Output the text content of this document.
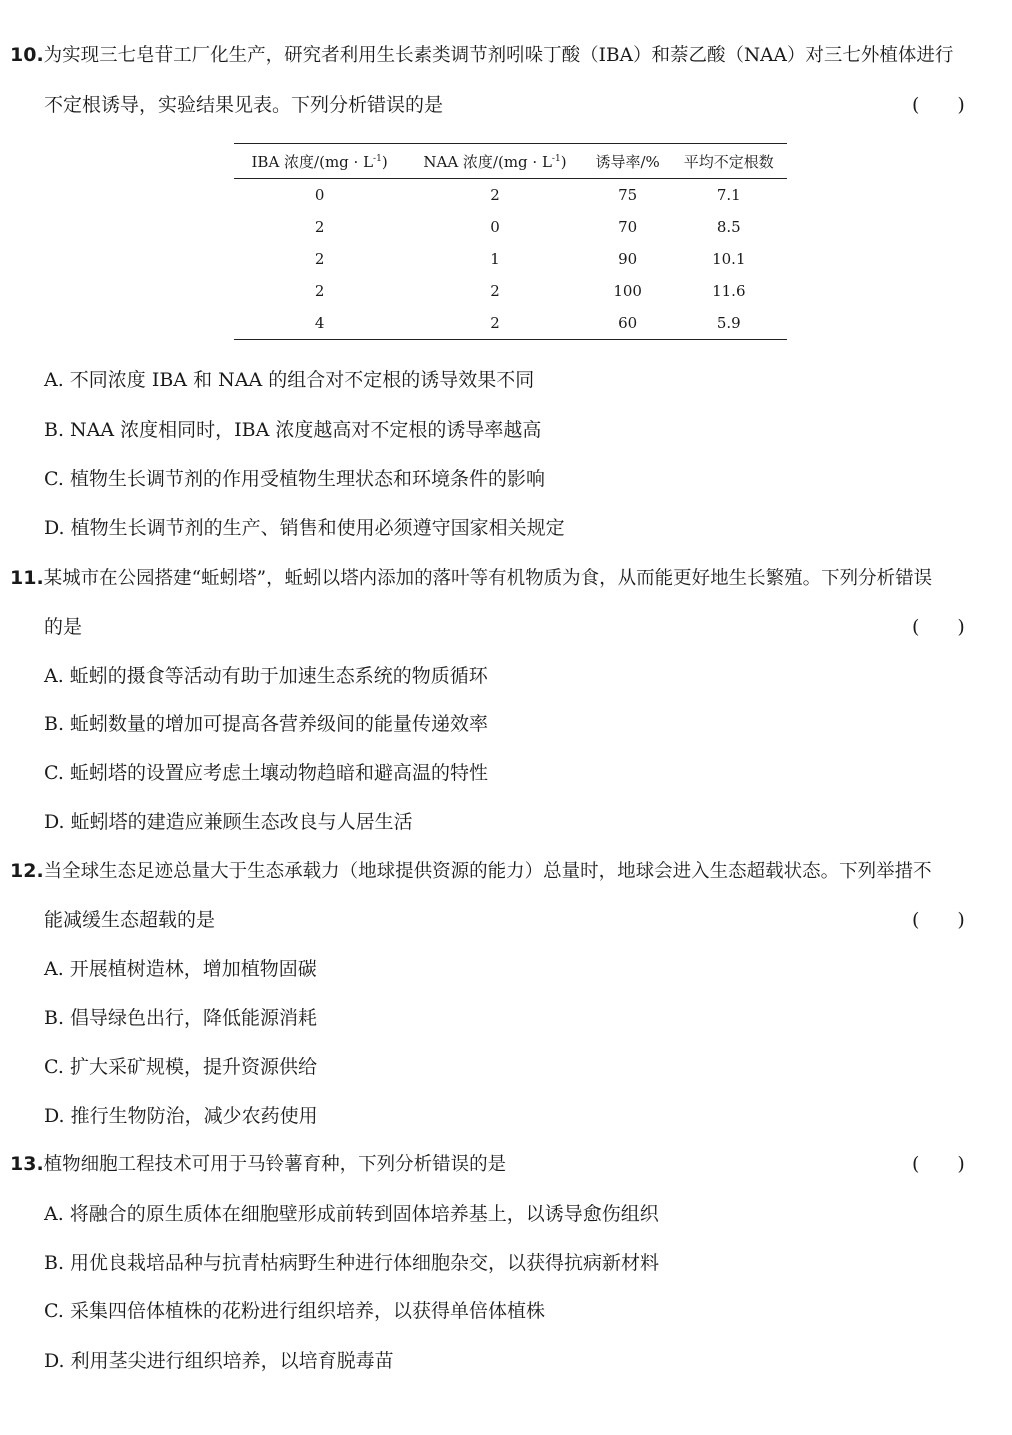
10.为实现三七皂苷工厂化生产，研究者利用生长素类调节剂吲哚丁酸（IBA）和萘乙酸（NAA）对三七外植体进行
不定根诱导，实验结果见表。下列分析错误的是	(　　)
IBA 浓度$/(mg \cdot L^{-1})$	NAA 浓度$/(mg \cdot L^{-1})$	诱导率/%	平均不定根数
0	2	75	7.1
2	0	70	8.5
2	1	90	10.1
2	2	100	11.6
4	2	60	5.9
A. 不同浓度 IBA 和 NAA 的组合对不定根的诱导效果不同
B. NAA 浓度相同时，IBA 浓度越高对不定根的诱导率越高
C. 植物生长调节剂的作用受植物生理状态和环境条件的影响
D. 植物生长调节剂的生产、销售和使用必须遵守国家相关规定
11.某城市在公园搭建“蚯蚓塔”，蚯蚓以塔内添加的落叶等有机物质为食，从而能更好地生长繁殖。下列分析错误
的是	(　　)
A. 蚯蚓的摄食等活动有助于加速生态系统的物质循环
B. 蚯蚓数量的增加可提高各营养级间的能量传递效率
C. 蚯蚓塔的设置应考虑土壤动物趋暗和避高温的特性
D. 蚯蚓塔的建造应兼顾生态改良与人居生活
12.当全球生态足迹总量大于生态承载力（地球提供资源的能力）总量时，地球会进入生态超载状态。下列举措不
能减缓生态超载的是	(　　)
A. 开展植树造林，增加植物固碳
B. 倡导绿色出行，降低能源消耗
C. 扩大采矿规模，提升资源供给
D. 推行生物防治，减少农药使用
13.植物细胞工程技术可用于马铃薯育种，下列分析错误的是	(　　)
A. 将融合的原生质体在细胞壁形成前转到固体培养基上，以诱导愈伤组织
B. 用优良栽培品种与抗青枯病野生种进行体细胞杂交，以获得抗病新材料
C. 采集四倍体植株的花粉进行组织培养，以获得单倍体植株
D. 利用茎尖进行组织培养，以培育脱毒苗
